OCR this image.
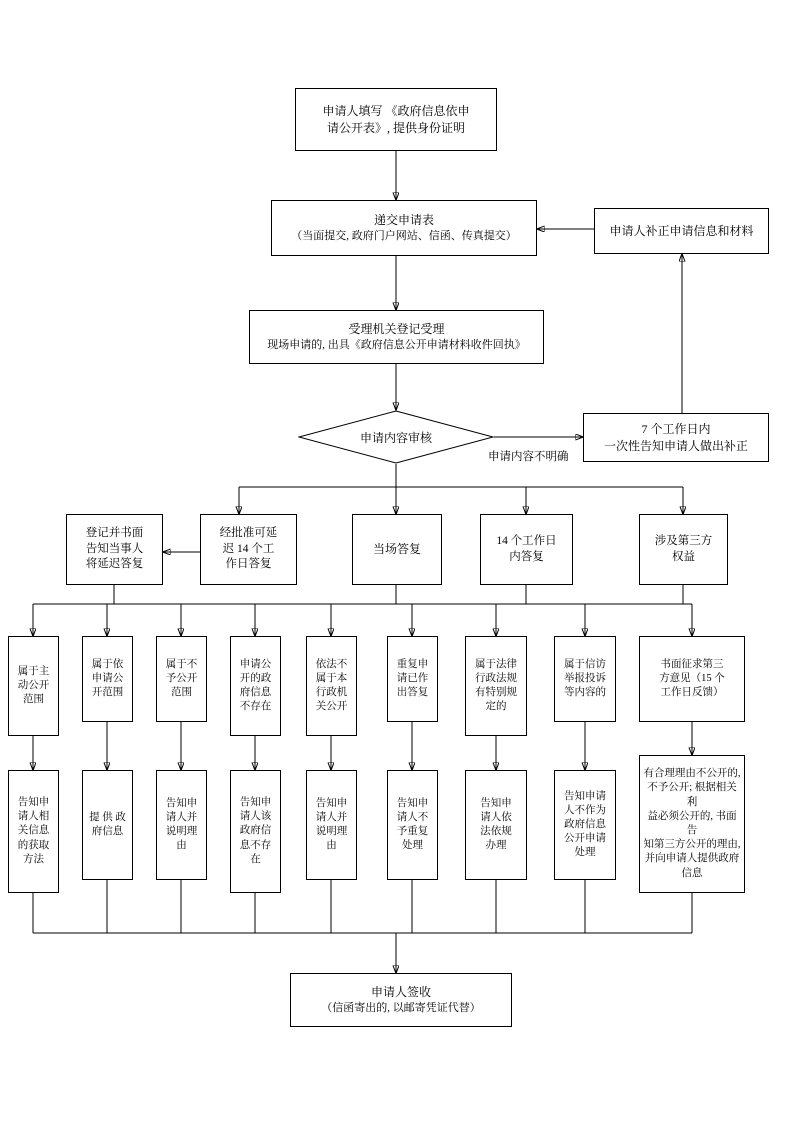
申请人填写 《政府信息依申
请公开表》, 提供身份证明
递交申请表
（当面提交, 政府门户网站、信函、传真提交）	申请人补正申请信息和材料
受理机关登记受理
现场申请的, 出具《政府信息公开申请材料收件回执》
申请内容审核
申请内容不明确
7 个工作日内
一次性告知申请人做出补正
登记并书面
告知当事人
将延迟答复
经批准可延
迟 14 个工
作日答复
当场答复
14 个工作日
内答复
涉及第三方
权益
属于主
动公开
范围
属于依
申请公
开范围
属于不
予公开
范围
申请公
开的政
府信息
不存在
依法不
属于本
行政机
关公开
重复申
请已作
出答复
属于法律
行政法规
有特别规
定的
属于信访
举报投诉
等内容的
书面征求第三
方意见（15 个
工作日反馈）
告知申
请人相
关信息
的获取
方法
提 供 政
府信息
告知申
请人并
说明理
由
告知申
请人该
政府信
息不存
在
告知申
请人并
说明理
由
告知申
请人不
予重复
处理
告知申
请人依
法依规
办理
告知申请
人不作为
政府信息
公开申请
处理
有合理理由不公开的,
不予公开; 根据相关利
益必须公开的, 书面告
知第三方公开的理由,
并向申请人提供政府
信息
申请人签收
（信函寄出的, 以邮寄凭证代替）
